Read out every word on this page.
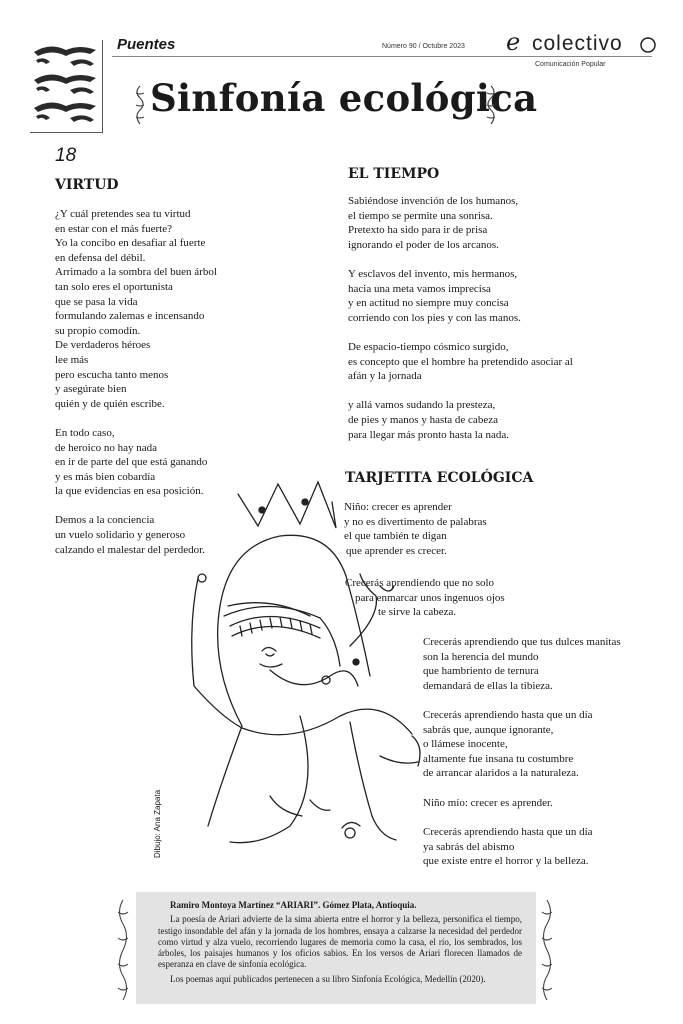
Puentes	Número 90 / Octubre 2023 e colectivo
Comunicación Popular
Sinfonía ecológica
18
VIRTUD
¿Y cuál pretendes sea tu virtud
en estar con el más fuerte?
Yo la concibo en desafiar al fuerte
en defensa del débil.
Arrimado a la sombra del buen árbol
tan solo eres el oportunista
que se pasa la vida
formulando zalemas e incensando
su propio comodín.
De verdaderos héroes
lee más
pero escucha tanto menos
y asegúrate bien
quién y de quién escribe.
En todo caso,
de heroico no hay nada
en ir de parte del que está ganando
y es más bien cobardía
la que evidencias en esa posición.
Demos a la conciencia
un vuelo solidario y generoso
calzando el malestar del perdedor.
EL TIEMPO
Sabiéndose invención de los humanos,
el tiempo se permite una sonrisa.
Pretexto ha sido para ir de prisa
ignorando el poder de los arcanos.
Y esclavos del invento, mis hermanos,
hacia una meta vamos imprecisa
y en actitud no siempre muy concisa
corriendo con los pies y con las manos.
De espacio-tiempo cósmico surgido,
es concepto que el hombre ha pretendido asociar al
afán y la jornada
y allá vamos sudando la presteza,
de pies y manos y hasta de cabeza
para llegar más pronto hasta la nada.
TARJETITA ECOLÓGICA
Niño: crecer es aprender
y no es divertimento de palabras
el que también te digan
que aprender es crecer.
Crecerás aprendiendo que no solo
para enmarcar unos ingenuos ojos
te sirve la cabeza.
Crecerás aprendiendo que tus dulces manitas
son la herencia del mundo
que hambriento de ternura
demandará de ellas la tibieza.
Crecerás aprendiendo hasta que un día
sabrás que, aunque ignorante,
o llámese inocente,
altamente fue insana tu costumbre
de arrancar alaridos a la naturaleza.
Niño mío: crecer es aprender.
Crecerás aprendiendo hasta que un día
ya sabrás del abismo
que existe entre el horror y la belleza.
Dibujo: Ana Zapata

Ramiro Montoya Martínez “ARIARI”. Gómez Plata, Antioquia.

La poesía de Ariari advierte de la sima abierta entre el horror y la belleza, personifica el tiempo, testigo insondable del afán y la jornada de los hombres, ensaya a calzarse la necesidad del perdedor como virtud y alza vuelo, recorriendo lugares de memoria como la casa, el río, los sembrados, los árboles, los paisajes humanos y los oficios sabios. En los versos de Ariari florecen llamados de esperanza en clave de sinfonía ecológica.

Los poemas aquí publicados pertenecen a su libro Sinfonía Ecológica, Medellín (2020).
